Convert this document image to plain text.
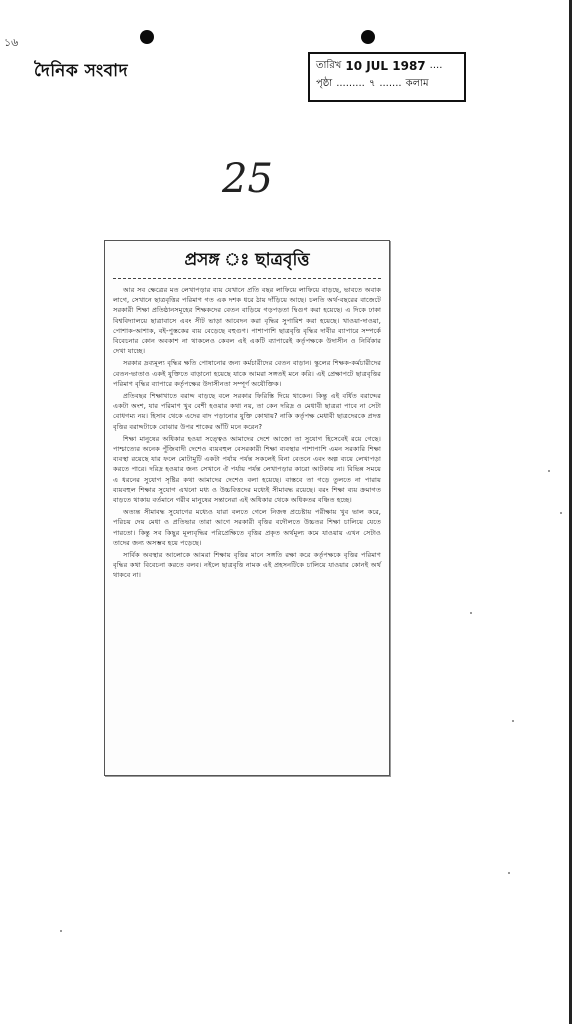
১৬
দৈনিক সংবাদ	তারিখ 10 JUL 1987 ....
পৃষ্ঠা ......... ৭ ....... কলাম
25
প্রসঙ্গ ঃ ছাত্রবৃত্তি

আর সব ক্ষেত্রের মত লেখাপড়ার ব্যয় যেখানে প্রতি বছর লাফিয়ে লাফিয়ে বাড়ছে, ভাবতে অবাক লাগে, সেখানে ছাত্রবৃত্তির পরিমাণ গত এক দশক ধরে ঠায় দাঁড়িয়ে আছে। চলতি অর্থ-বছরের বাজেটে সরকারী শিক্ষা প্রতিষ্ঠানসমূহের শিক্ষকদের বেতন বাড়িয়ে গড়পড়তা দ্বিগুণ করা হয়েছে। এ দিকে ঢাকা বিশ্ববিদ্যালয়ে ছাত্রাবাসে এবং সীট ভাড়া আবেদন করা বৃদ্ধির সুপারিশ করা হয়েছে। খাওয়া-দাওয়া, পোশাক-আশাক, বই-পুস্তকের ব্যয় বেড়েছে বহুগুণ। পাশাপাশি ছাত্রবৃত্তি বৃদ্ধির দাবীর ব্যাপারে সম্পর্কে বিবেচনার কোন অবকাশ না থাকলেও কেবল এই একটি ব্যাপারেই কর্তৃপক্ষকে উদাসীন ও নির্বিকার দেখা যাচ্ছে।

সরকার দ্রব্যমূল্য বৃদ্ধির ক্ষতি পোষানোর জন্য কর্মচারীদের বেতন বাড়ান। স্কুলের শিক্ষক-কর্মচারীদের বেতন-ভাতাও একই যুক্তিতে বাড়ানো হয়েছে যাকে আমরা সঙ্গতই মনে করি। এই প্রেক্ষাপটে ছাত্রবৃত্তির পরিমাণ বৃদ্ধির ব্যাপারে কর্তৃপক্ষের উদাসীনতা সম্পূর্ণ অযৌক্তিক।

প্রতিবছর শিক্ষাখাতে বরাদ্দ বাড়ছে বলে সরকার ফিরিস্তি দিয়ে থাকেন। কিন্তু এই বর্ধিত বরাদ্দের একটা অংশ, যার পরিমাণ খুব বেশী হওয়ার কথা নয়, তা কেন দরিদ্র ও মেধাবী ছাত্ররা পাবে না সেটা বোধগম্য নয়। হিসাব থেকে এদের বাদ পড়ানোর যুক্তি কোথায়? নাকি কর্তৃপক্ষ মেধাবী ছাত্রদেরকে প্রদত্ত বৃত্তির বরাদ্দটাকে বোঝার উপর শাকের আঁটি মনে করেন?

শিক্ষা মানুষের অধিকার হওয়া সত্ত্বেও আমাদের দেশে আজো তা সুযোগ হিসেবেই রয়ে গেছে। পাশ্চাত্যের অনেক পুঁজিবাদী দেশেও ব্যয়বহুল বেসরকারী শিক্ষা ব্যবস্থার পাশাপাশি এমন সরকারি শিক্ষা ব্যবস্থা রয়েছে যার ফলে মোটামুটি একটা পর্যায় পর্যন্ত সকলেই বিনা বেতনে এবং অল্প ব্যয়ে লেখাপড়া করতে পারে। দরিদ্র হওয়ার জন্য সেখানে ঐ পর্যায় পর্যন্ত লেখাপড়ার কারো আটকায় না। বিভিন্ন সময়ে এ ধরনের সুযোগ সৃষ্টির কথা আমাদের দেশেও বলা হয়েছে। বাস্তবে তা গড়ে তুলতে না পারায় ব্যয়বহুল শিক্ষার সুযোগ এখনো মধ্য ও উচ্চবিত্তদের মধ্যেই সীমাবদ্ধ রয়েছে। বরং শিক্ষা ব্যয় ক্রমাগত বাড়তে থাকায় বর্তমানে গরীব মানুষের সন্তানেরা এই অধিকার থেকে অধিকতর বঞ্চিত হচ্ছে।

অত্যন্ত সীমাবদ্ধ সুযোগের মধ্যেও যারা বলতে গেলে নিজস্ব প্রচেষ্টায় পরীক্ষায় খুব ভাল করে, পরিচয় দেয় মেধা ও প্রতিভার তারা আগে সরকারী বৃত্তির বদৌলতে উচ্চতর শিক্ষা চালিয়ে যেতে পারতো। কিন্তু সব কিছুর মূল্যবৃদ্ধির পরিপ্রেক্ষিতে বৃত্তির প্রকৃত অর্থমূল্য কমে যাওয়ায় এখন সেটাও তাদের জন্য অসম্ভব হয়ে পড়েছে।

সার্বিক অবস্থার আলোকে আমরা শিক্ষায় বৃত্তির মানে সঙ্গতি রক্ষা করে কর্তৃপক্ষকে বৃত্তির পরিমাণ বৃদ্ধির কথা বিবেচনা করতে বলব। নইলে ছাত্রবৃত্তি নামক এই প্রহসনটিকে চালিয়ে যাওয়ার কোনই অর্থ থাকবে না।
